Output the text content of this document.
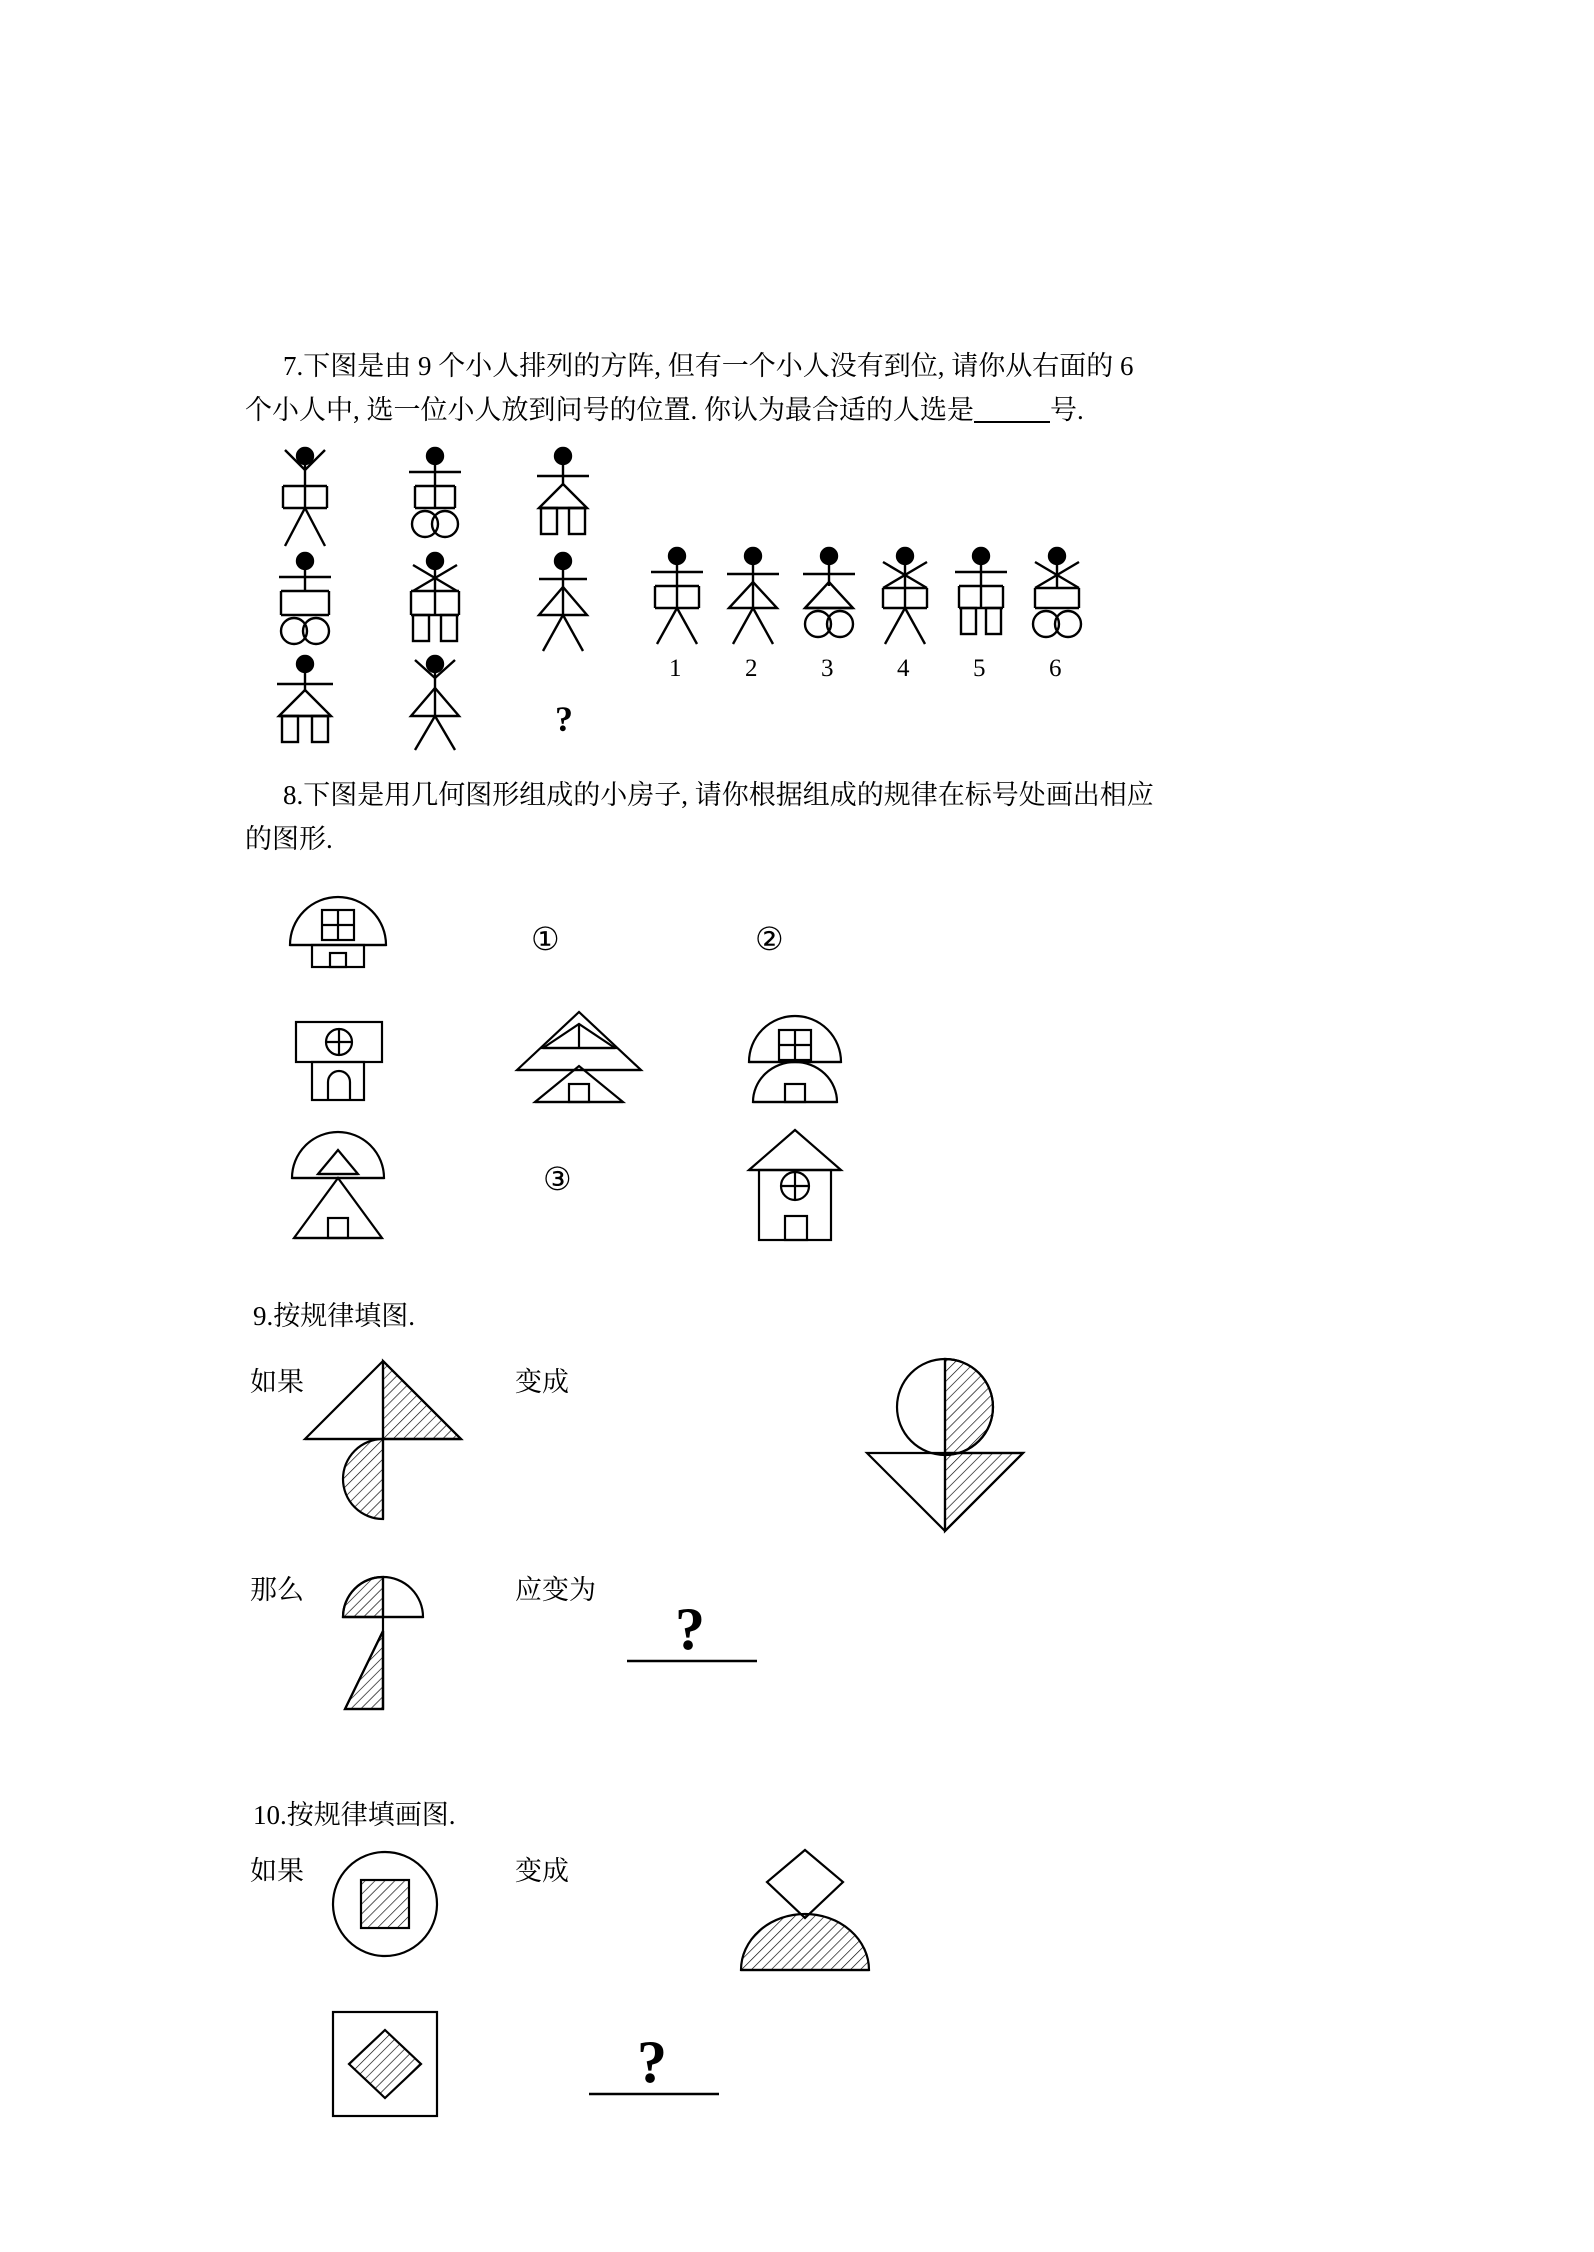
7.下图是由 9 个小人排列的方阵, 但有一个小人没有到位, 请你从右面的 6

个小人中, 选一位小人放到问号的位置. 你认为最合适的人选是	号.

?
1	2	3	4	5	6

8.下图是用几何图形组成的小房子, 请你根据组成的规律在标号处画出相应

的图形.

①	②
③

9.按规律填图.

如果	变成
那么	应变为
?

10.按规律填画图.

如果	变成
?
